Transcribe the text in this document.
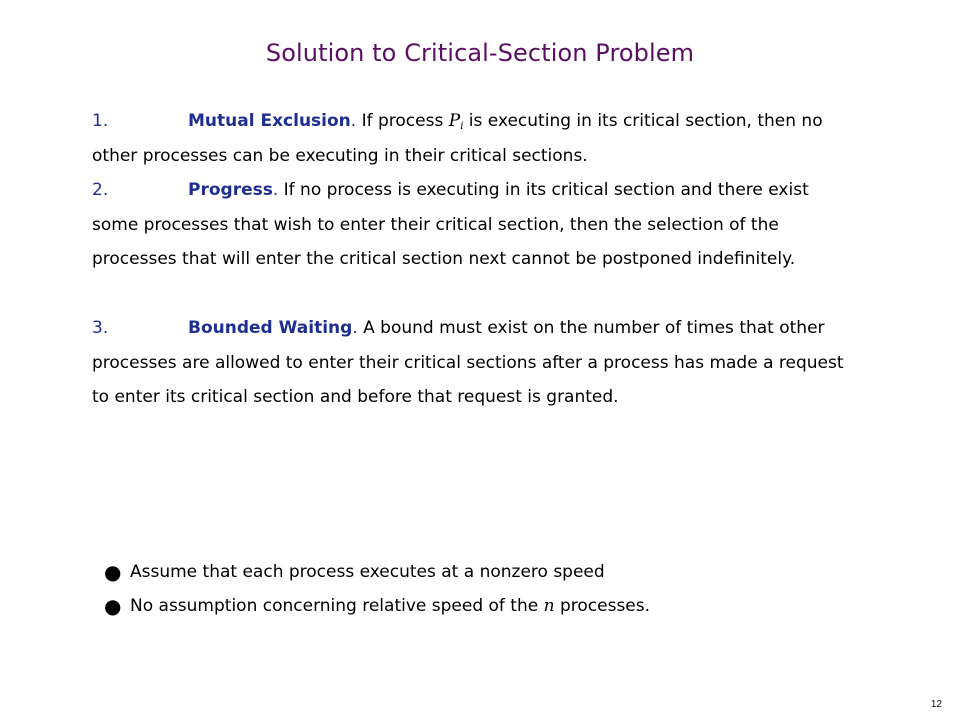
Solution to Critical-Section Problem

1.	Mutual Exclusion. If process $P_i$ is executing in its critical section, then no other processes can be executing in their critical sections.

2.	Progress. If no process is executing in its critical section and there exist some processes that wish to enter their critical section, then the selection of the processes that will enter the critical section next cannot be postponed indefinitely.

3.	Bounded Waiting. A bound must exist on the number of times that other processes are allowed to enter their critical sections after a process has made a request to enter its critical section and before that request is granted.

● Assume that each process executes at a nonzero speed
● No assumption concerning relative speed of the n processes.
12
